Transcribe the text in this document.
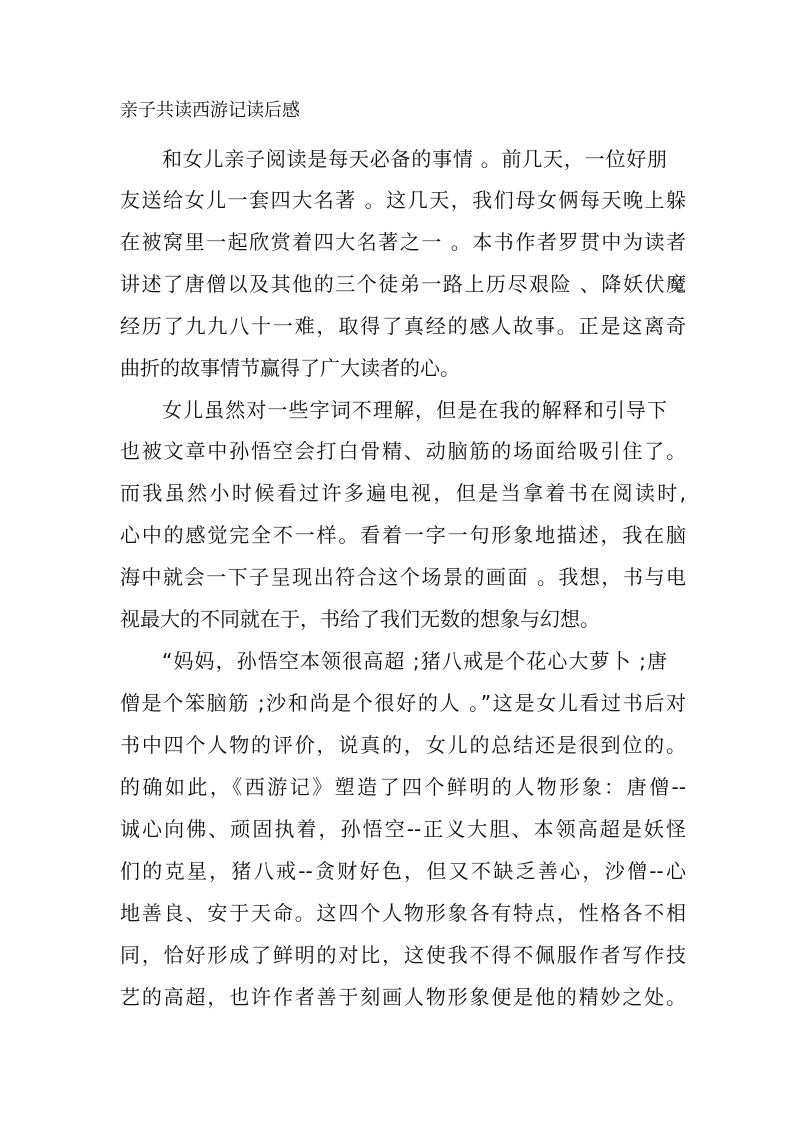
亲子共读西游记读后感
和女儿亲子阅读是每天必备的事情 。前几天，一位好朋
友送给女儿一套四大名著 。这几天，我们母女俩每天晚上躲
在被窝里一起欣赏着四大名著之一 。本书作者罗贯中为读者
讲述了唐僧以及其他的三个徒弟一路上历尽艰险 、降妖伏魔
经历了九九八十一难，取得了真经的感人故事。正是这离奇
曲折的故事情节赢得了广大读者的心。
女儿虽然对一些字词不理解，但是在我的解释和引导下
也被文章中孙悟空会打白骨精、动脑筋的场面给吸引住了。
而我虽然小时候看过许多遍电视，但是当拿着书在阅读时,
心中的感觉完全不一样。看着一字一句形象地描述，我在脑
海中就会一下子呈现出符合这个场景的画面 。我想，书与电
视最大的不同就在于，书给了我们无数的想象与幻想。
“妈妈，孙悟空本领很高超 ;猪八戒是个花心大萝卜 ;唐
僧是个笨脑筋 ;沙和尚是个很好的人 。”这是女儿看过书后对
书中四个人物的评价，说真的，女儿的总结还是很到位的。
的确如此，《西游记》塑造了四个鲜明的人物形象：唐僧--
诚心向佛、顽固执着，孙悟空--正义大胆、本领高超是妖怪
们的克星，猪八戒--贪财好色，但又不缺乏善心，沙僧--心
地善良、安于天命。这四个人物形象各有特点，性格各不相
同，恰好形成了鲜明的对比，这使我不得不佩服作者写作技
艺的高超，也许作者善于刻画人物形象便是他的精妙之处。
